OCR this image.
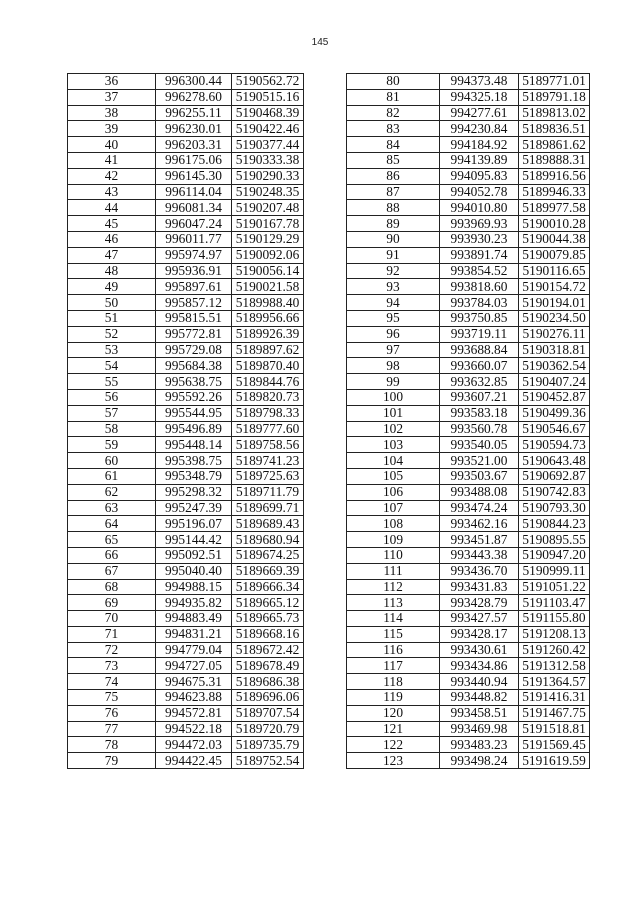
145
36	996300.44	5190562.72
37	996278.60	5190515.16
38	996255.11	5190468.39
39	996230.01	5190422.46
40	996203.31	5190377.44
41	996175.06	5190333.38
42	996145.30	5190290.33
43	996114.04	5190248.35
44	996081.34	5190207.48
45	996047.24	5190167.78
46	996011.77	5190129.29
47	995974.97	5190092.06
48	995936.91	5190056.14
49	995897.61	5190021.58
50	995857.12	5189988.40
51	995815.51	5189956.66
52	995772.81	5189926.39
53	995729.08	5189897.62
54	995684.38	5189870.40
55	995638.75	5189844.76
56	995592.26	5189820.73
57	995544.95	5189798.33
58	995496.89	5189777.60
59	995448.14	5189758.56
60	995398.75	5189741.23
61	995348.79	5189725.63
62	995298.32	5189711.79
63	995247.39	5189699.71
64	995196.07	5189689.43
65	995144.42	5189680.94
66	995092.51	5189674.25
67	995040.40	5189669.39
68	994988.15	5189666.34
69	994935.82	5189665.12
70	994883.49	5189665.73
71	994831.21	5189668.16
72	994779.04	5189672.42
73	994727.05	5189678.49
74	994675.31	5189686.38
75	994623.88	5189696.06
76	994572.81	5189707.54
77	994522.18	5189720.79
78	994472.03	5189735.79
79	994422.45	5189752.54
80	994373.48	5189771.01
81	994325.18	5189791.18
82	994277.61	5189813.02
83	994230.84	5189836.51
84	994184.92	5189861.62
85	994139.89	5189888.31
86	994095.83	5189916.56
87	994052.78	5189946.33
88	994010.80	5189977.58
89	993969.93	5190010.28
90	993930.23	5190044.38
91	993891.74	5190079.85
92	993854.52	5190116.65
93	993818.60	5190154.72
94	993784.03	5190194.01
95	993750.85	5190234.50
96	993719.11	5190276.11
97	993688.84	5190318.81
98	993660.07	5190362.54
99	993632.85	5190407.24
100	993607.21	5190452.87
101	993583.18	5190499.36
102	993560.78	5190546.67
103	993540.05	5190594.73
104	993521.00	5190643.48
105	993503.67	5190692.87
106	993488.08	5190742.83
107	993474.24	5190793.30
108	993462.16	5190844.23
109	993451.87	5190895.55
110	993443.38	5190947.20
111	993436.70	5190999.11
112	993431.83	5191051.22
113	993428.79	5191103.47
114	993427.57	5191155.80
115	993428.17	5191208.13
116	993430.61	5191260.42
117	993434.86	5191312.58
118	993440.94	5191364.57
119	993448.82	5191416.31
120	993458.51	5191467.75
121	993469.98	5191518.81
122	993483.23	5191569.45
123	993498.24	5191619.59
